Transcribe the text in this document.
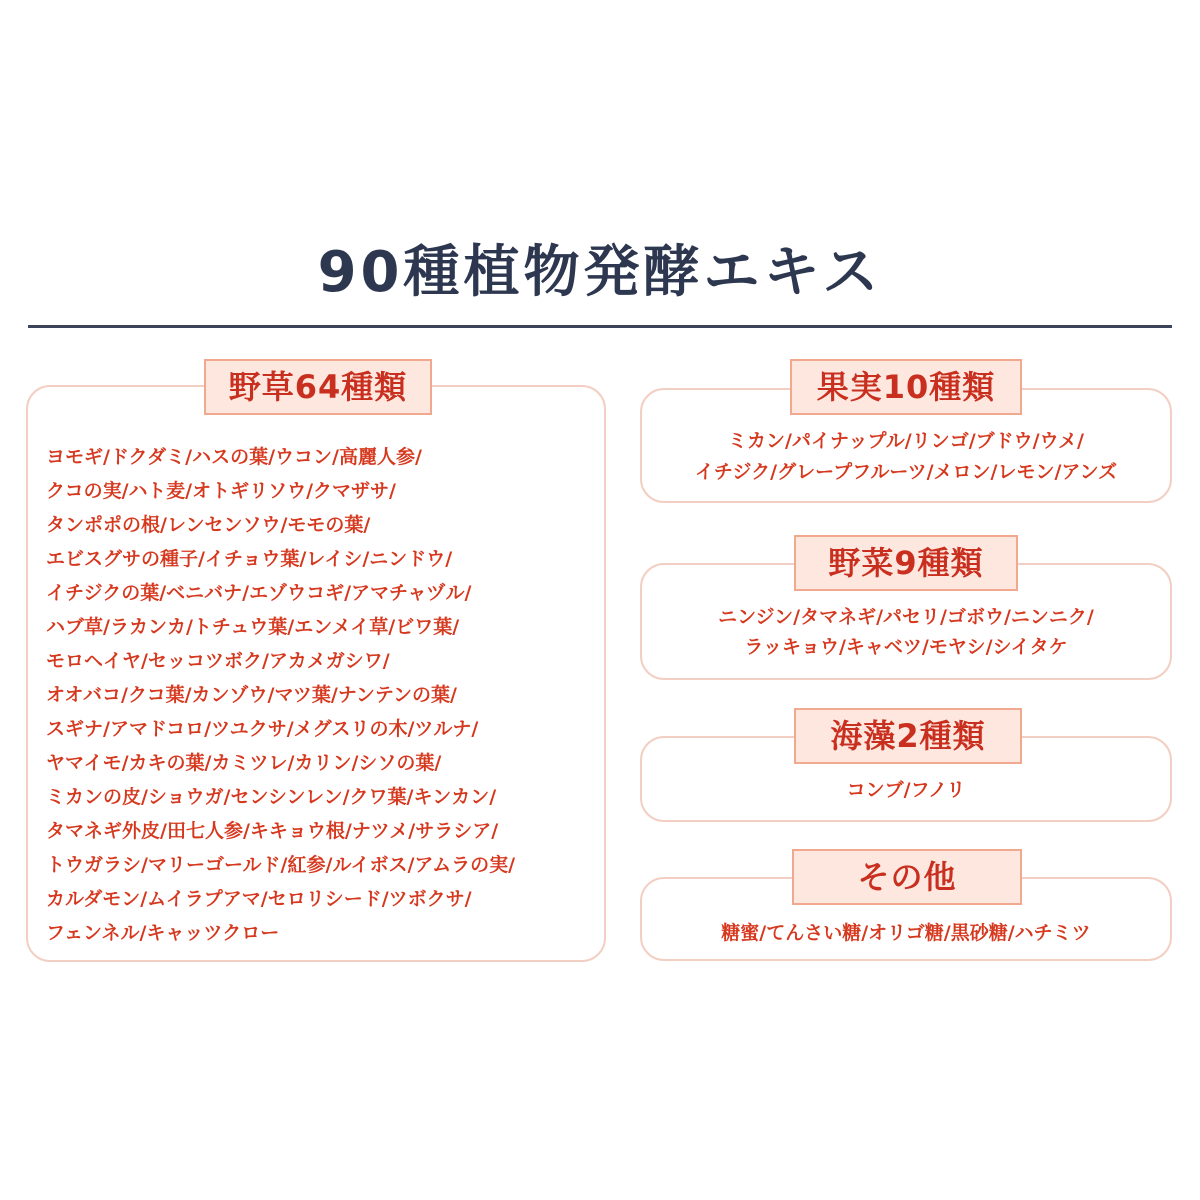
90種植物発酵エキス
野草64種類
ヨモギ/ドクダミ/ハスの葉/ウコン/高麗人参/
クコの実/ハト麦/オトギリソウ/クマザサ/
タンポポの根/レンセンソウ/モモの葉/
エビスグサの種子/イチョウ葉/レイシ/ニンドウ/
イチジクの葉/ベニバナ/エゾウコギ/アマチャヅル/
ハブ草/ラカンカ/トチュウ葉/エンメイ草/ビワ葉/
モロヘイヤ/セッコツボク/アカメガシワ/
オオバコ/クコ葉/カンゾウ/マツ葉/ナンテンの葉/
スギナ/アマドコロ/ツユクサ/メグスリの木/ツルナ/
ヤマイモ/カキの葉/カミツレ/カリン/シソの葉/
ミカンの皮/ショウガ/センシンレン/クワ葉/キンカン/
タマネギ外皮/田七人参/キキョウ根/ナツメ/サラシア/
トウガラシ/マリーゴールド/紅参/ルイボス/アムラの実/
カルダモン/ムイラプアマ/セロリシード/ツボクサ/
フェンネル/キャッツクロー
果実10種類
ミカン/パイナップル/リンゴ/ブドウ/ウメ/
イチジク/グレープフルーツ/メロン/レモン/アンズ
野菜9種類
ニンジン/タマネギ/パセリ/ゴボウ/ニンニク/
ラッキョウ/キャベツ/モヤシ/シイタケ
海藻2種類
コンブ/フノリ
その他
糖蜜/てんさい糖/オリゴ糖/黒砂糖/ハチミツ
